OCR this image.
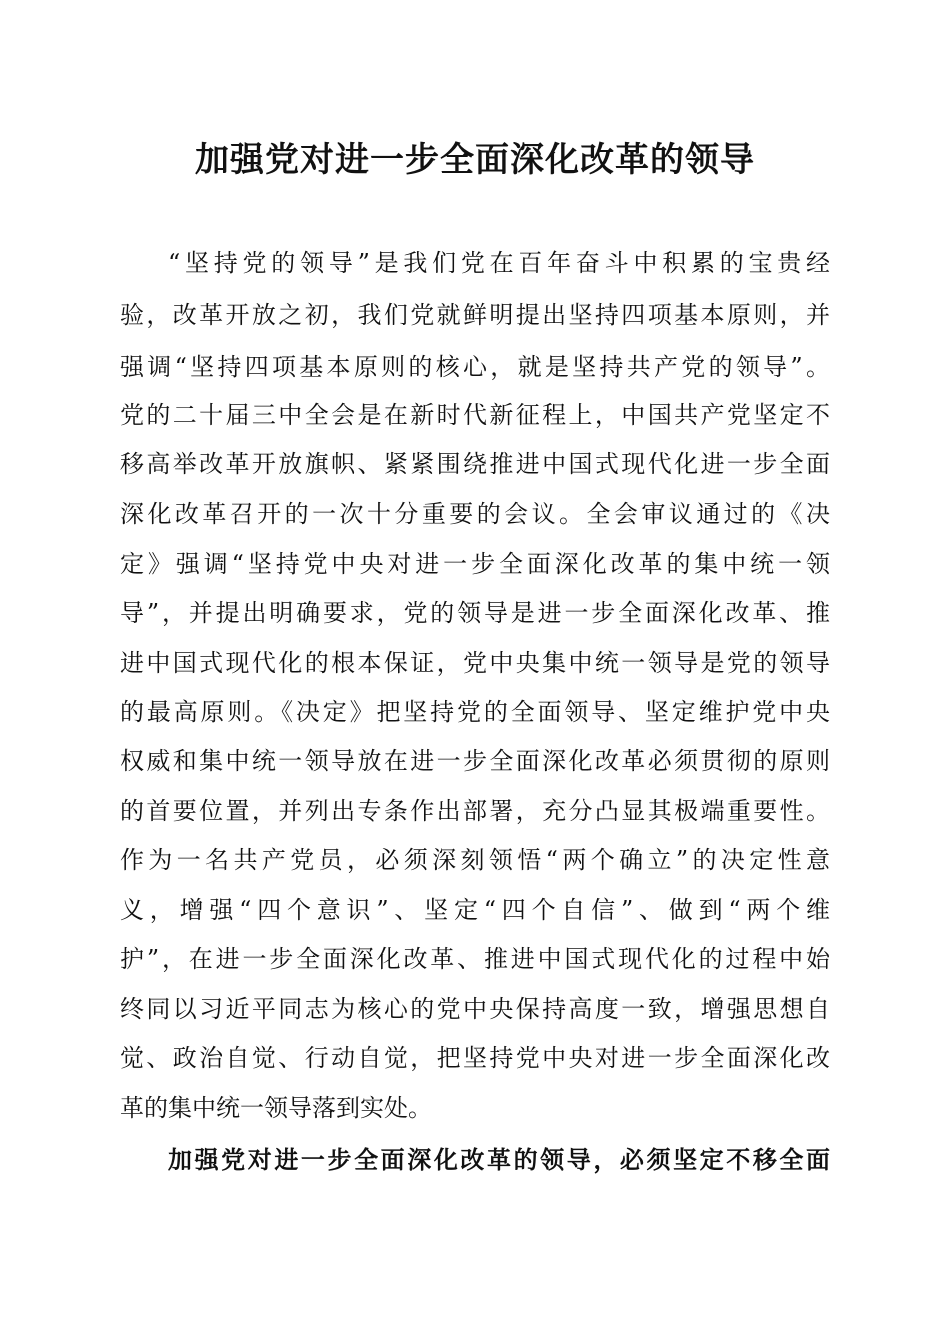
加强党对进一步全面深化改革的领导
“坚持党的领导”是我们党在百年奋斗中积累的宝贵经
验，改革开放之初，我们党就鲜明提出坚持四项基本原则，并
强调“坚持四项基本原则的核心，就是坚持共产党的领导”。
党的二十届三中全会是在新时代新征程上，中国共产党坚定不
移高举改革开放旗帜、紧紧围绕推进中国式现代化进一步全面
深化改革召开的一次十分重要的会议。全会审议通过的《决
定》强调“坚持党中央对进一步全面深化改革的集中统一领
导”，并提出明确要求，党的领导是进一步全面深化改革、推
进中国式现代化的根本保证，党中央集中统一领导是党的领导
的最高原则。《决定》把坚持党的全面领导、坚定维护党中央
权威和集中统一领导放在进一步全面深化改革必须贯彻的原则
的首要位置，并列出专条作出部署，充分凸显其极端重要性。
作为一名共产党员，必须深刻领悟“两个确立”的决定性意
义，增强“四个意识”、坚定“四个自信”、做到“两个维
护”，在进一步全面深化改革、推进中国式现代化的过程中始
终同以习近平同志为核心的党中央保持高度一致，增强思想自
觉、政治自觉、行动自觉，把坚持党中央对进一步全面深化改
革的集中统一领导落到实处。
加强党对进一步全面深化改革的领导，必须坚定不移全面
